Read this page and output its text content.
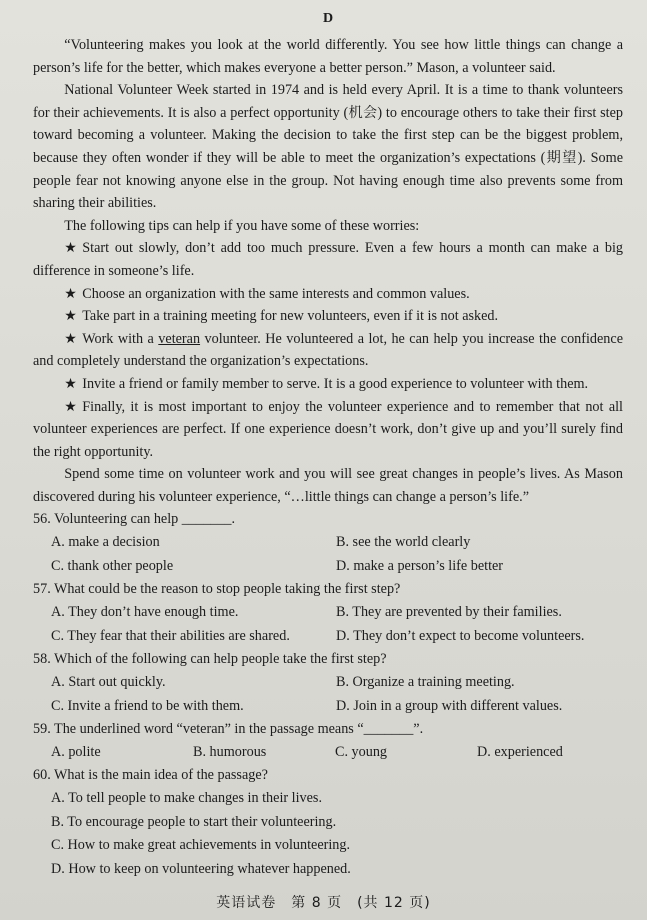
D

“Volunteering makes you look at the world differently. You see how little things can change a person’s life for the better, which makes everyone a better person.” Mason, a volunteer said.

National Volunteer Week started in 1974 and is held every April. It is a time to thank volunteers for their achievements. It is also a perfect opportunity (机会) to encourage others to take their first step toward becoming a volunteer. Making the decision to take the first step can be the biggest problem, because they often wonder if they will be able to meet the organization’s expectations (期望). Some people fear not knowing anyone else in the group. Not having enough time also prevents some from sharing their abilities.

The following tips can help if you have some of these worries:

★ Start out slowly, don’t add too much pressure. Even a few hours a month can make a big difference in someone’s life.

★ Choose an organization with the same interests and common values.

★ Take part in a training meeting for new volunteers, even if it is not asked.

★ Work with a veteran volunteer. He volunteered a lot, he can help you increase the confidence and completely understand the organization’s expectations.

★ Invite a friend or family member to serve. It is a good experience to volunteer with them.

★ Finally, it is most important to enjoy the volunteer experience and to remember that not all volunteer experiences are perfect. If one experience doesn’t work, don’t give up and you’ll surely find the right opportunity.

Spend some time on volunteer work and you will see great changes in people’s lives. As Mason discovered during his volunteer experience, “…little things can change a person’s life.”

56. Volunteering can help _______.

A. make a decision	B. see the world clearly
C. thank other people	D. make a person’s life better

57. What could be the reason to stop people taking the first step?

A. They don’t have enough time.	B. They are prevented by their families.
C. They fear that their abilities are shared.	D. They don’t expect to become volunteers.

58. Which of the following can help people take the first step?

A. Start out quickly.	B. Organize a training meeting.
C. Invite a friend to be with them.	D. Join in a group with different values.

59. The underlined word “veteran” in the passage means “_______”.

A. polite	B. humorous	C. young	D. experienced

60. What is the main idea of the passage?

A. To tell people to make changes in their lives.
B. To encourage people to start their volunteering.
C. How to make great achievements in volunteering.
D. How to keep on volunteering whatever happened.
英语试卷　第 8 页　(共 12 页)
